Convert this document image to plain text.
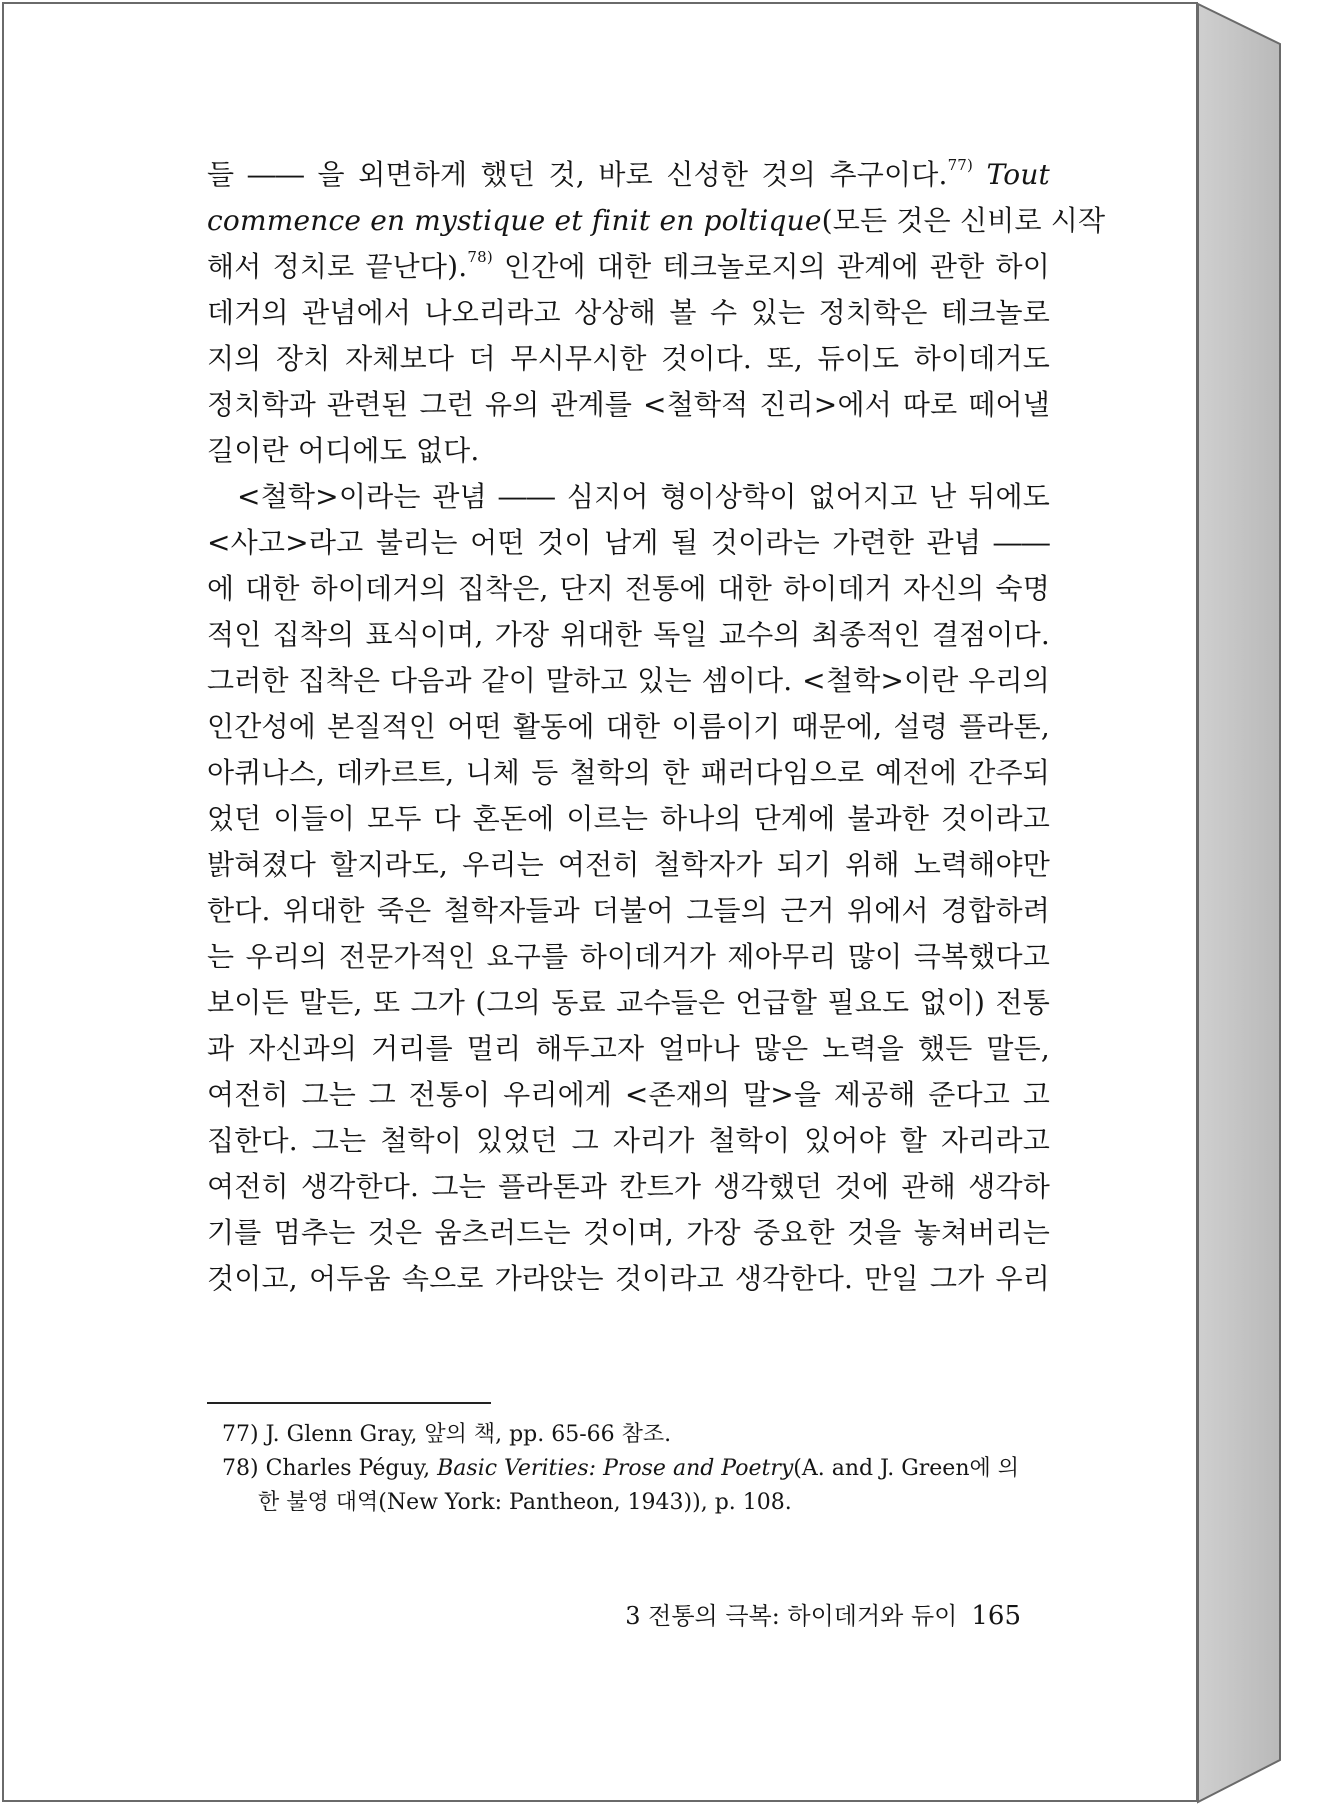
들 ―― 을 외면하게 했던 것, 바로 신성한 것의 추구이다.$^{77)}$ Tout
commence en mystique et finit en poltique(모든 것은 신비로 시작
해서 정치로 끝난다).$^{78)}$ 인간에 대한 테크놀로지의 관계에 관한 하이
데거의 관념에서 나오리라고 상상해 볼 수 있는 정치학은 테크놀로
지의 장치 자체보다 더 무시무시한 것이다. 또, 듀이도 하이데거도
정치학과 관련된 그런 유의 관계를 <철학적 진리>에서 따로 떼어낼
길이란 어디에도 없다.
<철학>이라는 관념 ―― 심지어 형이상학이 없어지고 난 뒤에도
<사고>라고 불리는 어떤 것이 남게 될 것이라는 가련한 관념 ――
에 대한 하이데거의 집착은, 단지 전통에 대한 하이데거 자신의 숙명
적인 집착의 표식이며, 가장 위대한 독일 교수의 최종적인 결점이다.
그러한 집착은 다음과 같이 말하고 있는 셈이다. <철학>이란 우리의
인간성에 본질적인 어떤 활동에 대한 이름이기 때문에, 설령 플라톤,
아퀴나스, 데카르트, 니체 등 철학의 한 패러다임으로 예전에 간주되
었던 이들이 모두 다 혼돈에 이르는 하나의 단계에 불과한 것이라고
밝혀졌다 할지라도, 우리는 여전히 철학자가 되기 위해 노력해야만
한다. 위대한 죽은 철학자들과 더불어 그들의 근거 위에서 경합하려
는 우리의 전문가적인 요구를 하이데거가 제아무리 많이 극복했다고
보이든 말든, 또 그가 (그의 동료 교수들은 언급할 필요도 없이) 전통
과 자신과의 거리를 멀리 해두고자 얼마나 많은 노력을 했든 말든,
여전히 그는 그 전통이 우리에게 <존재의 말>을 제공해 준다고 고
집한다. 그는 철학이 있었던 그 자리가 철학이 있어야 할 자리라고
여전히 생각한다. 그는 플라톤과 칸트가 생각했던 것에 관해 생각하
기를 멈추는 것은 움츠러드는 것이며, 가장 중요한 것을 놓쳐버리는
것이고, 어두움 속으로 가라앉는 것이라고 생각한다. 만일 그가 우리
77) J. Glenn Gray, 앞의 책, pp. 65-66 참조.
78) Charles Péguy, Basic Verities: Prose and Poetry(A. and J. Green에 의
한 불영 대역(New York: Pantheon, 1943)), p. 108.
3 전통의 극복: 하이데거와 듀이 165
